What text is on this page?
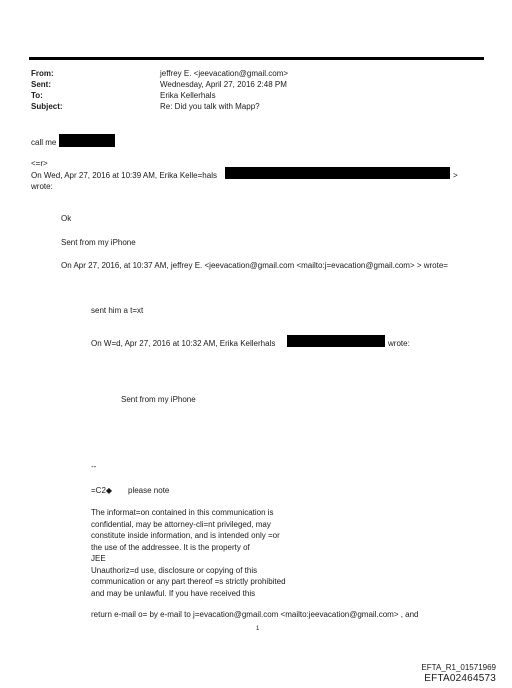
From:
Sent:
To:
Subject:
jeffrey E. <jeevacation@gmail.com>
Wednesday, April 27, 2016 2:48 PM
Erika Kellerhals
Re: Did you talk with Mapp?
call me
<=r>
On Wed, Apr 27, 2016 at 10:39 AM, Erika Kelle=hals	>
wrote:
Ok
Sent from my iPhone
On Apr 27, 2016, at 10:37 AM, jeffrey E. <jeevacation@gmail.com <mailto:j=evacation@gmail.com> > wrote=
sent him a t=xt
On W=d, Apr 27, 2016 at 10:32 AM, Erika Kellerhals	wrote:
Sent from my iPhone
--
=C2◆ please note
The informat=on contained in this communication is
confidential, may be attorney-cli=nt privileged, may
constitute inside information, and is intended only =or
the use of the addressee. It is the property of
JEE
Unauthoriz=d use, disclosure or copying of this
communication or any part thereof =s strictly prohibited
and may be unlawful. If you have received this
return e-mail o= by e-mail to j=evacation@gmail.com <mailto:jeevacation@gmail.com> , and
1
EFTA_R1_01571969
EFTA02464573
